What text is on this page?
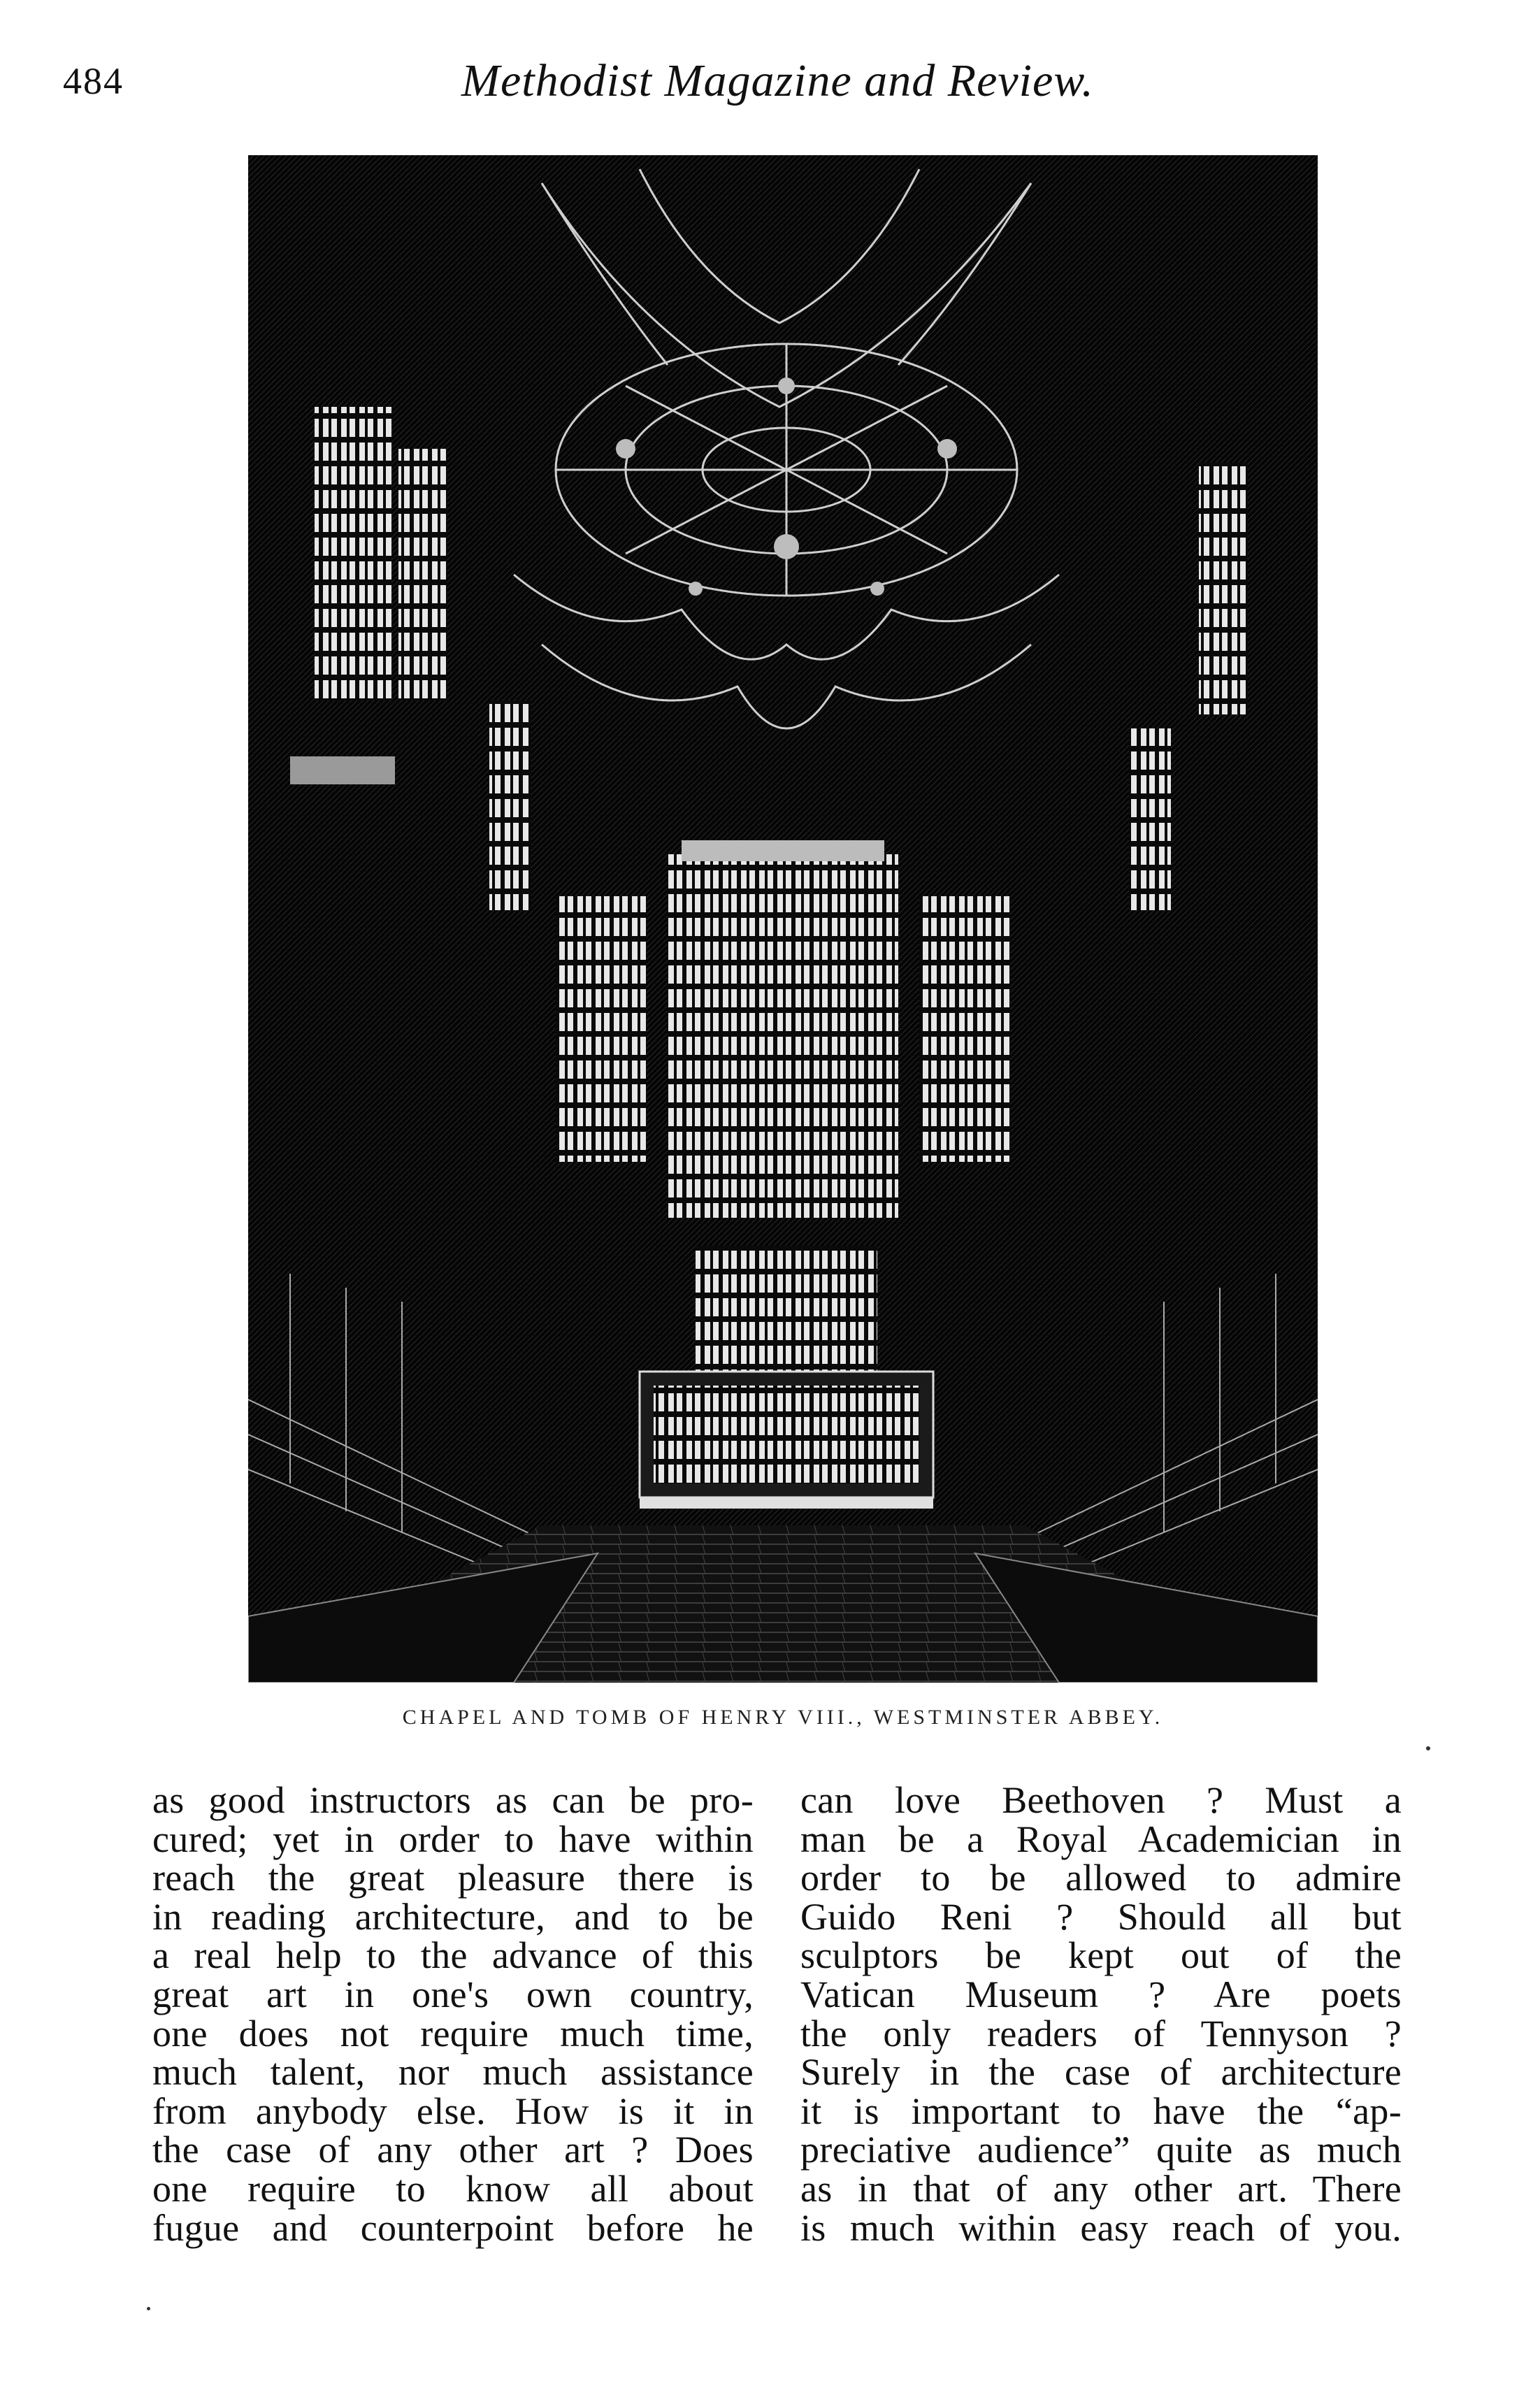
484	Methodist Magazine and Review.
CHAPEL AND TOMB OF HENRY VIII., WESTMINSTER ABBEY.
as good instructors as can be pro-
cured; yet in order to have within
reach the great pleasure there is
in reading architecture, and to be
a real help to the advance of this
great art in one's own country,
one does not require much time,
much talent, nor much assistance
from anybody else. How is it in
the case of any other art ? Does
one require to know all about
fugue and counterpoint before he
can love Beethoven ? Must a
man be a Royal Academician in
order to be allowed to admire
Guido Reni ? Should all but
sculptors be kept out of the
Vatican Museum ? Are poets
the only readers of Tennyson ?
Surely in the case of architecture
it is important to have the “ap-
preciative audience” quite as much
as in that of any other art. There
is much within easy reach of you.
